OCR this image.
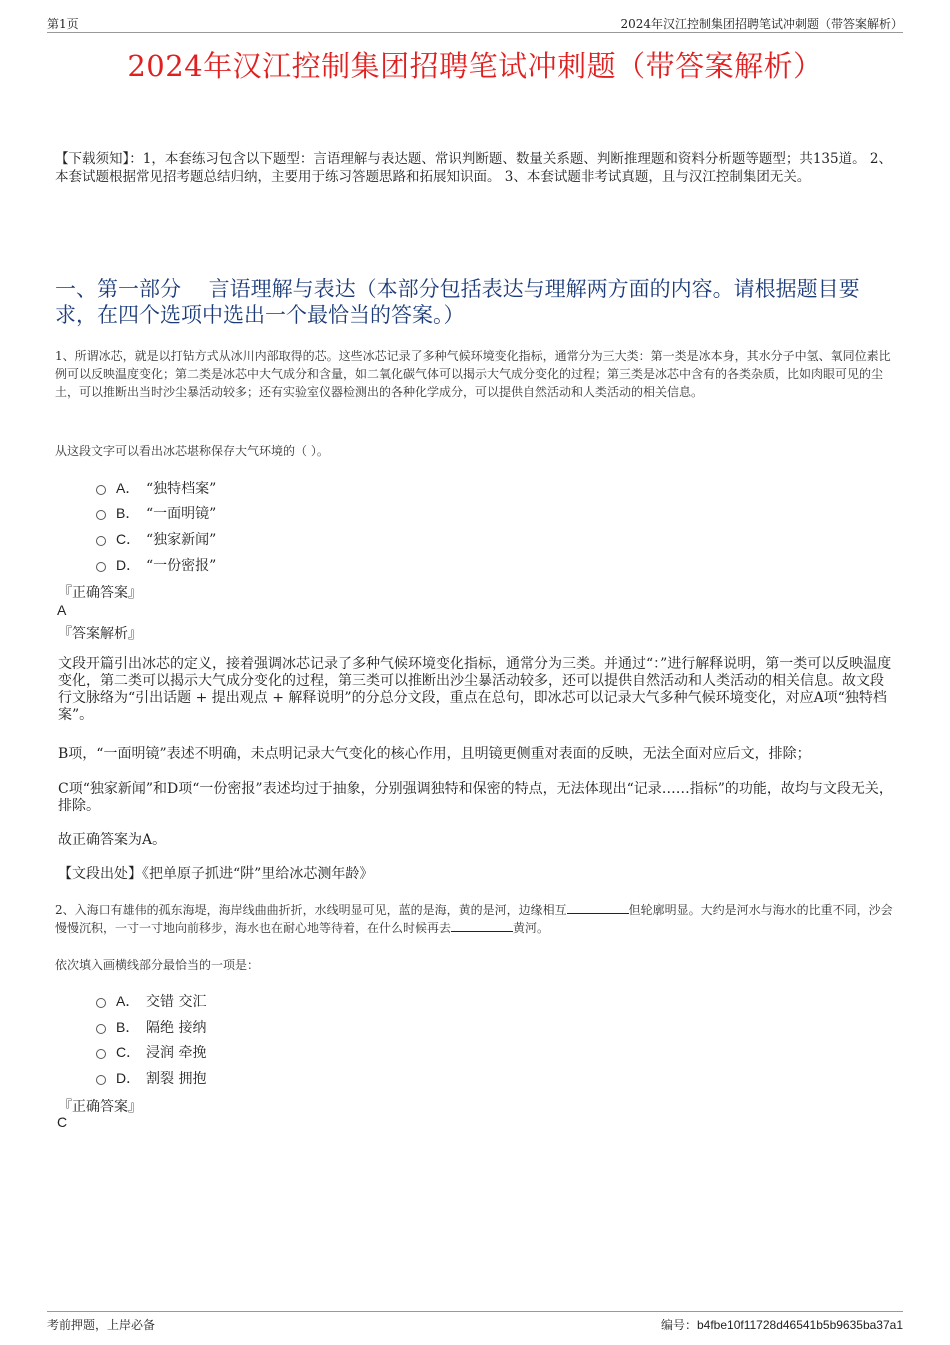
第1页	2024年汉江控制集团招聘笔试冲刺题（带答案解析）
2024年汉江控制集团招聘笔试冲刺题（带答案解析）
【下载须知】：1，本套练习包含以下题型：言语理解与表达题、常识判断题、数量关系题、判断推理题和资料分析题等题型；共135道。 2、本套试题根据常见招考题总结归纳，主要用于练习答题思路和拓展知识面。 3、本套试题非考试真题，且与汉江控制集团无关。
一、第一部分　 言语理解与表达（本部分包括表达与理解两方面的内容。请根据题目要求，在四个选项中选出一个最恰当的答案。）
1、所谓冰芯，就是以打钻方式从冰川内部取得的芯。这些冰芯记录了多种气候环境变化指标，通常分为三大类：第一类是冰本身，其水分子中氢、氧同位素比例可以反映温度变化；第二类是冰芯中大气成分和含量，如二氧化碳气体可以揭示大气成分变化的过程；第三类是冰芯中含有的各类杂质，比如肉眼可见的尘土，可以推断出当时沙尘暴活动较多；还有实验室仪器检测出的各种化学成分，可以提供自然活动和人类活动的相关信息。
从这段文字可以看出冰芯堪称保存大气环境的（ ）。
A． “独特档案”
B． “一面明镜”
C． “独家新闻”
D． “一份密报”
『正确答案』
A
『答案解析』
文段开篇引出冰芯的定义，接着强调冰芯记录了多种气候环境变化指标，通常分为三类。并通过“：”进行解释说明，第一类可以反映温度变化，第二类可以揭示大气成分变化的过程，第三类可以推断出沙尘暴活动较多，还可以提供自然活动和人类活动的相关信息。故文段行文脉络为“引出话题 + 提出观点 + 解释说明”的分总分文段，重点在总句，即冰芯可以记录大气多种气候环境变化，对应A项“独特档案”。
B项，“一面明镜”表述不明确，未点明记录大气变化的核心作用，且明镜更侧重对表面的反映，无法全面对应后文，排除；
C项“独家新闻”和D项“一份密报”表述均过于抽象，分别强调独特和保密的特点，无法体现出“记录……指标”的功能，故均与文段无关，排除。
故正确答案为A。
【文段出处】《把单原子抓进“阱”里给冰芯测年龄》
2、入海口有雄伟的孤东海堤，海岸线曲曲折折，水线明显可见，蓝的是海，黄的是河，边缘相互	但轮廓明显。大约是河水与海水的比重不同，沙会慢慢沉积，一寸一寸地向前移步，海水也在耐心地等待着，在什么时候再去	黄河。
依次填入画横线部分最恰当的一项是：
A． 交错 交汇
B． 隔绝 接纳
C． 浸润 牵挽
D． 割裂 拥抱
『正确答案』
C
考前押题，上岸必备	编号：b4fbe10f11728d46541b5b9635ba37a1
